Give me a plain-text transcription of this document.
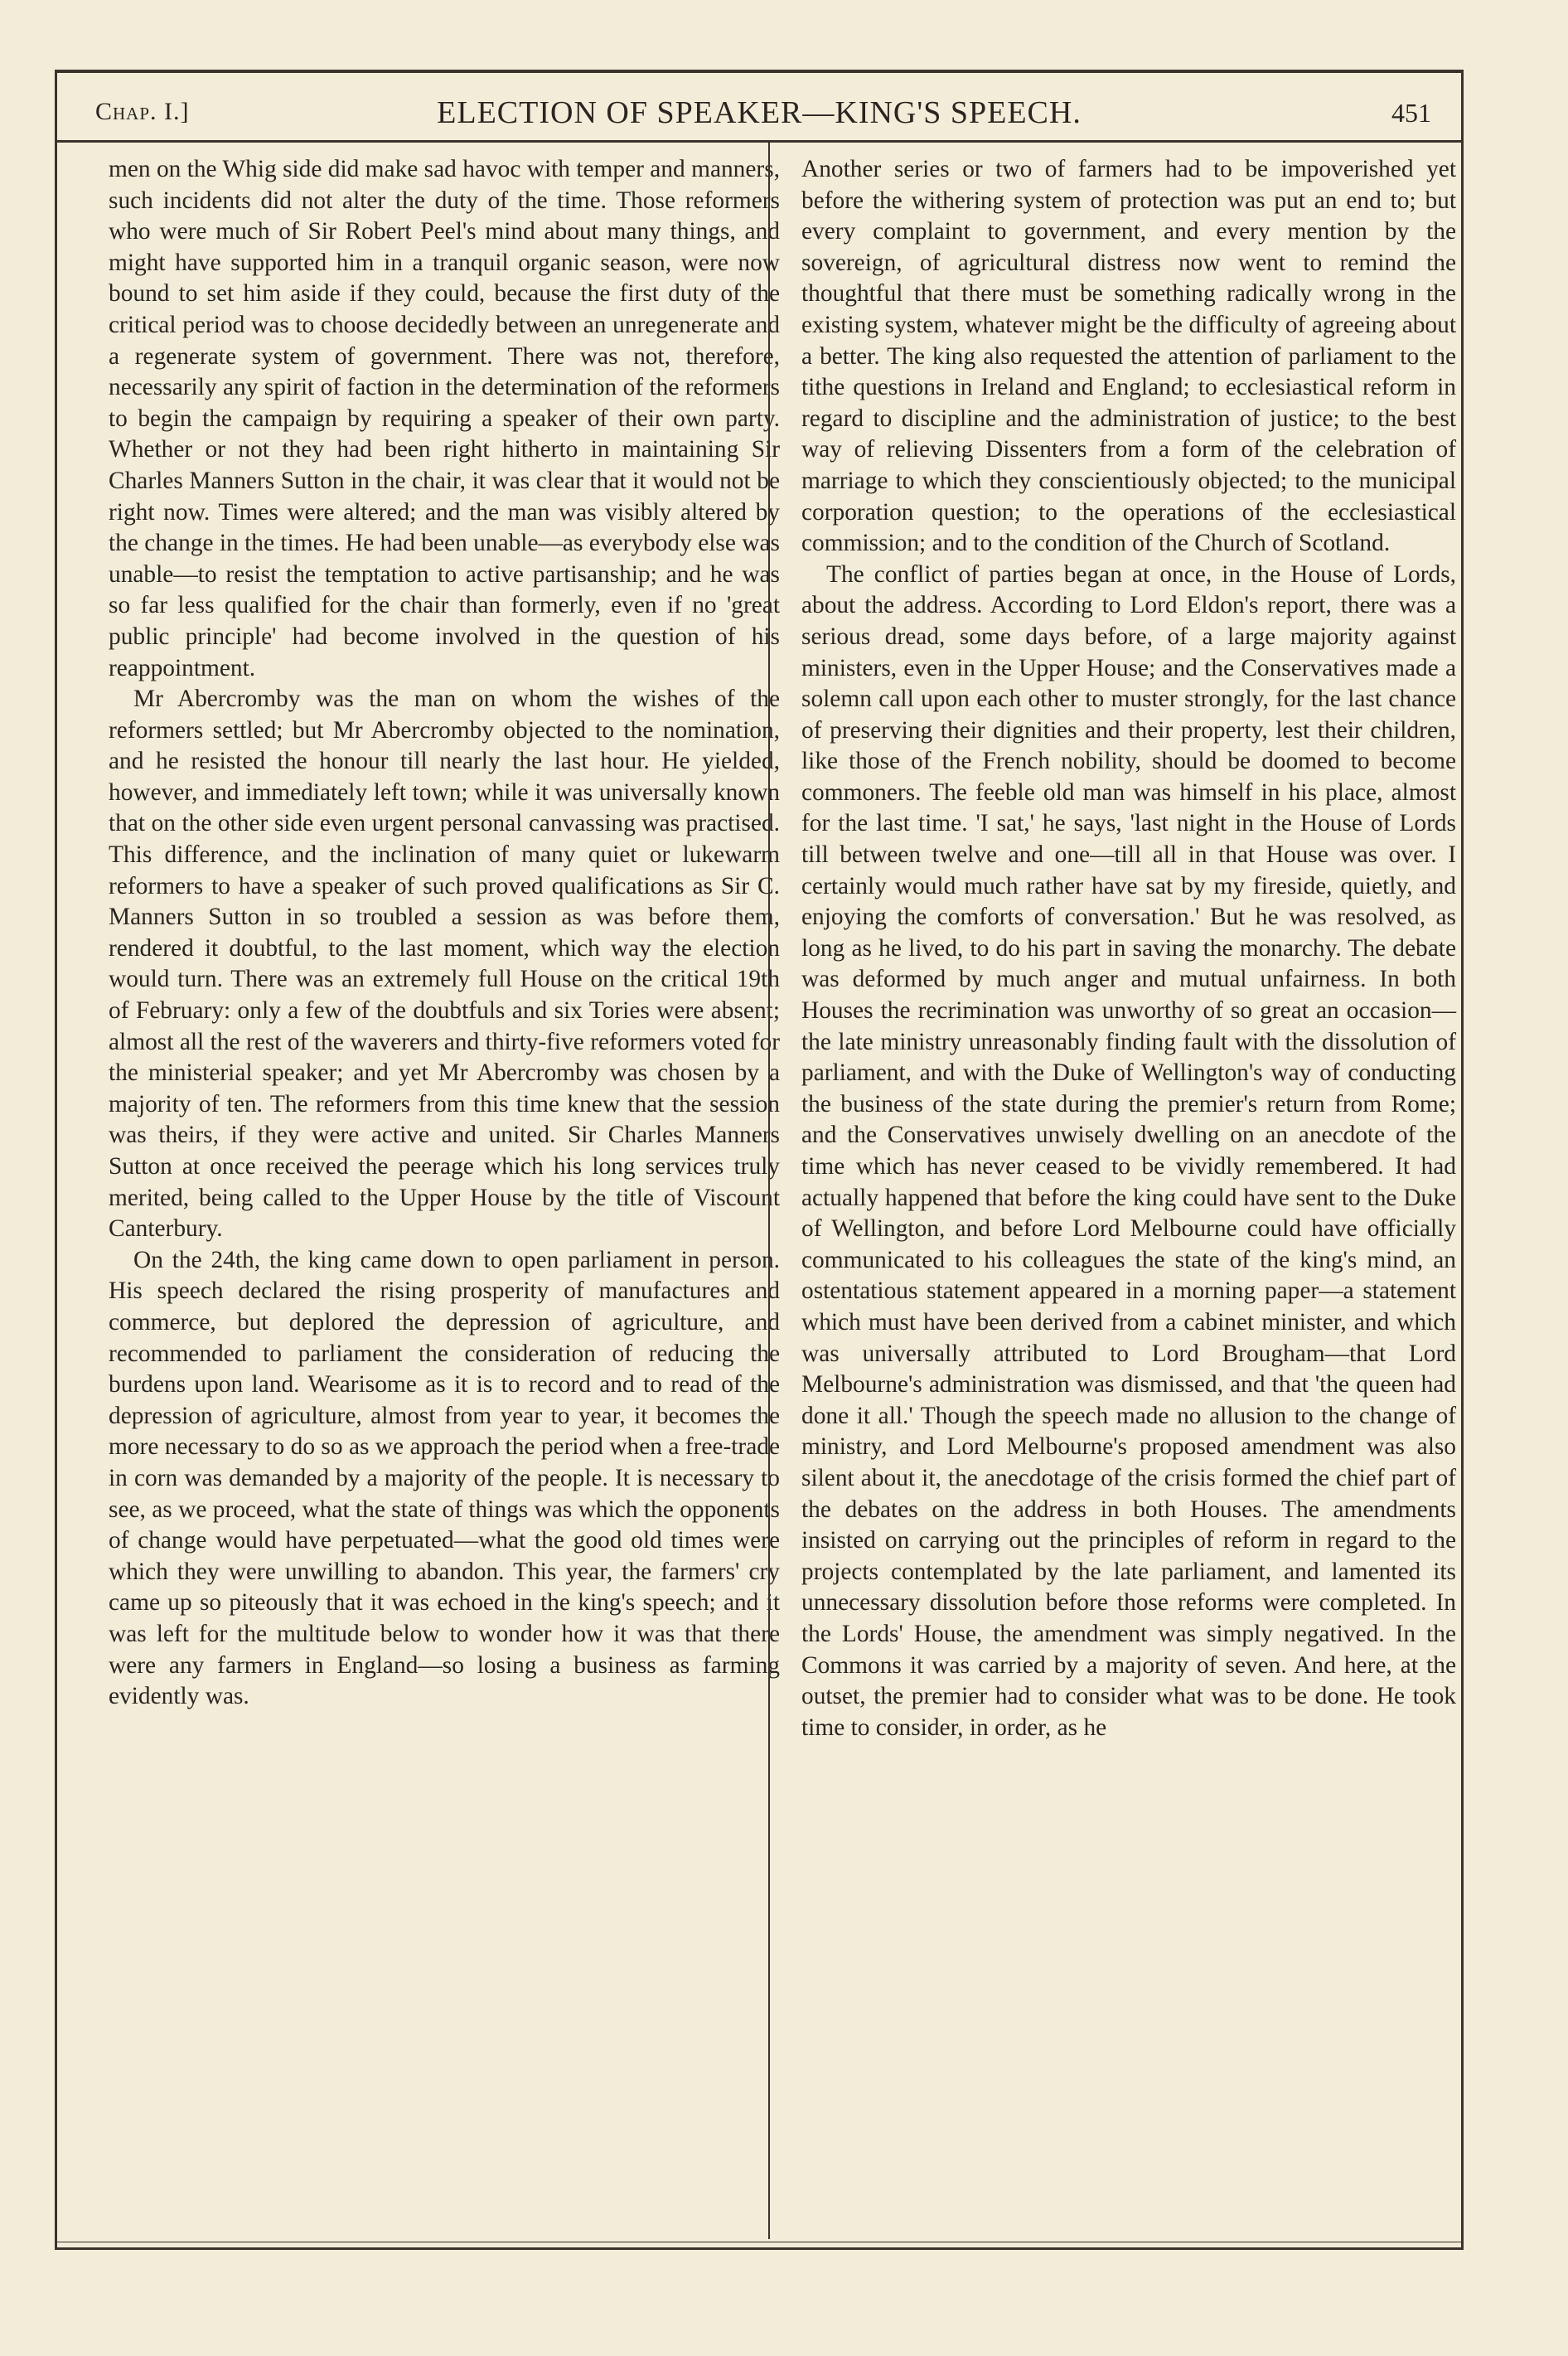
Chap. I.]	ELECTION OF SPEAKER—KING'S SPEECH.	451

men on the Whig side did make sad havoc with temper and manners, such incidents did not alter the duty of the time. Those reformers who were much of Sir Robert Peel's mind about many things, and might have supported him in a tranquil organic season, were now bound to set him aside if they could, because the first duty of the critical period was to choose decidedly between an unregenerate and a regenerate system of government. There was not, therefore, necessarily any spirit of faction in the determination of the reformers to begin the campaign by requiring a speaker of their own party. Whether or not they had been right hitherto in maintaining Sir Charles Manners Sutton in the chair, it was clear that it would not be right now. Times were altered; and the man was visibly altered by the change in the times. He had been unable—as everybody else was unable—to resist the temptation to active partisanship; and he was so far less qualified for the chair than formerly, even if no 'great public principle' had become involved in the question of his reappointment.

Mr Abercromby was the man on whom the wishes of the reformers settled; but Mr Abercromby objected to the nomination, and he resisted the honour till nearly the last hour. He yielded, however, and immediately left town; while it was universally known that on the other side even urgent personal canvassing was practised. This difference, and the inclination of many quiet or lukewarm reformers to have a speaker of such proved qualifications as Sir C. Manners Sutton in so troubled a session as was before them, rendered it doubtful, to the last moment, which way the election would turn. There was an extremely full House on the critical 19th of February: only a few of the doubtfuls and six Tories were absent; almost all the rest of the waverers and thirty-five reformers voted for the ministerial speaker; and yet Mr Abercromby was chosen by a majority of ten. The reformers from this time knew that the session was theirs, if they were active and united. Sir Charles Manners Sutton at once received the peerage which his long services truly merited, being called to the Upper House by the title of Viscount Canterbury.

On the 24th, the king came down to open parliament in person. His speech declared the rising prosperity of manufactures and commerce, but deplored the depression of agriculture, and recommended to parliament the consideration of reducing the burdens upon land. Wearisome as it is to record and to read of the depression of agriculture, almost from year to year, it becomes the more necessary to do so as we approach the period when a free-trade in corn was demanded by a majority of the people. It is necessary to see, as we proceed, what the state of things was which the opponents of change would have perpetuated—what the good old times were which they were unwilling to abandon. This year, the farmers' cry came up so piteously that it was echoed in the king's speech; and it was left for the multitude below to wonder how it was that there were any farmers in England—so losing a business as farming evidently was.

Another series or two of farmers had to be impoverished yet before the withering system of protection was put an end to; but every complaint to government, and every mention by the sovereign, of agricultural distress now went to remind the thoughtful that there must be something radically wrong in the existing system, whatever might be the difficulty of agreeing about a better. The king also requested the attention of parliament to the tithe questions in Ireland and England; to ecclesiastical reform in regard to discipline and the administration of justice; to the best way of relieving Dissenters from a form of the celebration of marriage to which they conscientiously objected; to the municipal corporation question; to the operations of the ecclesiastical commission; and to the condition of the Church of Scotland.

The conflict of parties began at once, in the House of Lords, about the address. According to Lord Eldon's report, there was a serious dread, some days before, of a large majority against ministers, even in the Upper House; and the Conservatives made a solemn call upon each other to muster strongly, for the last chance of preserving their dignities and their property, lest their children, like those of the French nobility, should be doomed to become commoners. The feeble old man was himself in his place, almost for the last time. 'I sat,' he says, 'last night in the House of Lords till between twelve and one—till all in that House was over. I certainly would much rather have sat by my fireside, quietly, and enjoying the comforts of conversation.' But he was resolved, as long as he lived, to do his part in saving the monarchy. The debate was deformed by much anger and mutual unfairness. In both Houses the recrimination was unworthy of so great an occasion—the late ministry unreasonably finding fault with the dissolution of parliament, and with the Duke of Wellington's way of conducting the business of the state during the premier's return from Rome; and the Conservatives unwisely dwelling on an anecdote of the time which has never ceased to be vividly remembered. It had actually happened that before the king could have sent to the Duke of Wellington, and before Lord Melbourne could have officially communicated to his colleagues the state of the king's mind, an ostentatious statement appeared in a morning paper—a statement which must have been derived from a cabinet minister, and which was universally attributed to Lord Brougham—that Lord Melbourne's administration was dismissed, and that 'the queen had done it all.' Though the speech made no allusion to the change of ministry, and Lord Melbourne's proposed amendment was also silent about it, the anecdotage of the crisis formed the chief part of the debates on the address in both Houses. The amendments insisted on carrying out the principles of reform in regard to the projects contemplated by the late parliament, and lamented its unnecessary dissolution before those reforms were completed. In the Lords' House, the amendment was simply negatived. In the Commons it was carried by a majority of seven. And here, at the outset, the premier had to consider what was to be done. He took time to consider, in order, as he
